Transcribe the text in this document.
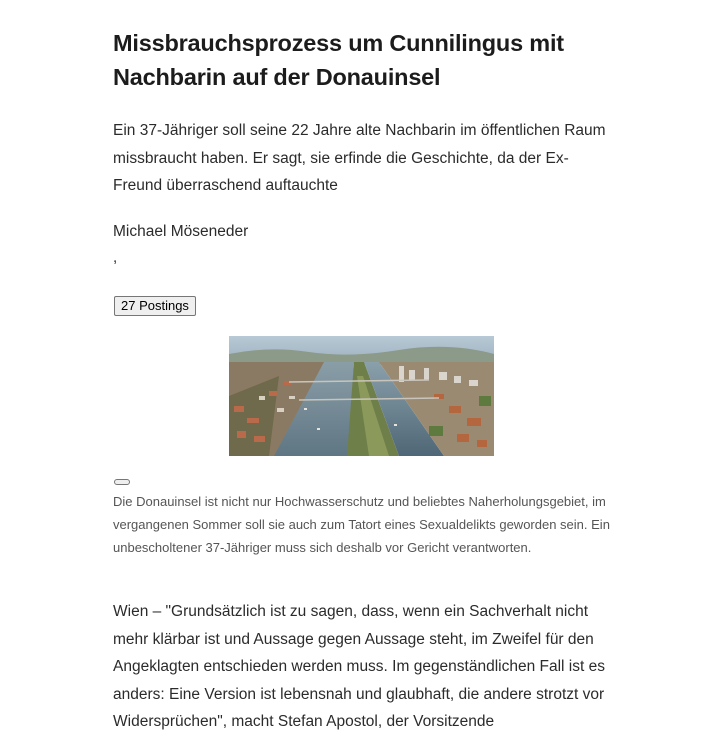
Missbrauchsprozess um Cunnilingus mit Nachbarin auf der Donauinsel

Ein 37-Jähriger soll seine 22 Jahre alte Nachbarin im öffentlichen Raum missbraucht haben. Er sagt, sie erfinde die Geschichte, da der Ex-Freund überraschend auftauchte

Michael Möseneder

,

27 Postings

Die Donauinsel ist nicht nur Hochwasserschutz und beliebtes Naherholungsgebiet, im vergangenen Sommer soll sie auch zum Tatort eines Sexualdelikts geworden sein. Ein unbescholtener 37-Jähriger muss sich deshalb vor Gericht verantworten.

Wien – "Grundsätzlich ist zu sagen, dass, wenn ein Sachverhalt nicht mehr klärbar ist und Aussage gegen Aussage steht, im Zweifel für den Angeklagten entschieden werden muss. Im gegenständlichen Fall ist es anders: Eine Version ist lebensnah und glaubhaft, die andere strotzt vor Widersprüchen", macht Stefan Apostol, der Vorsitzende
